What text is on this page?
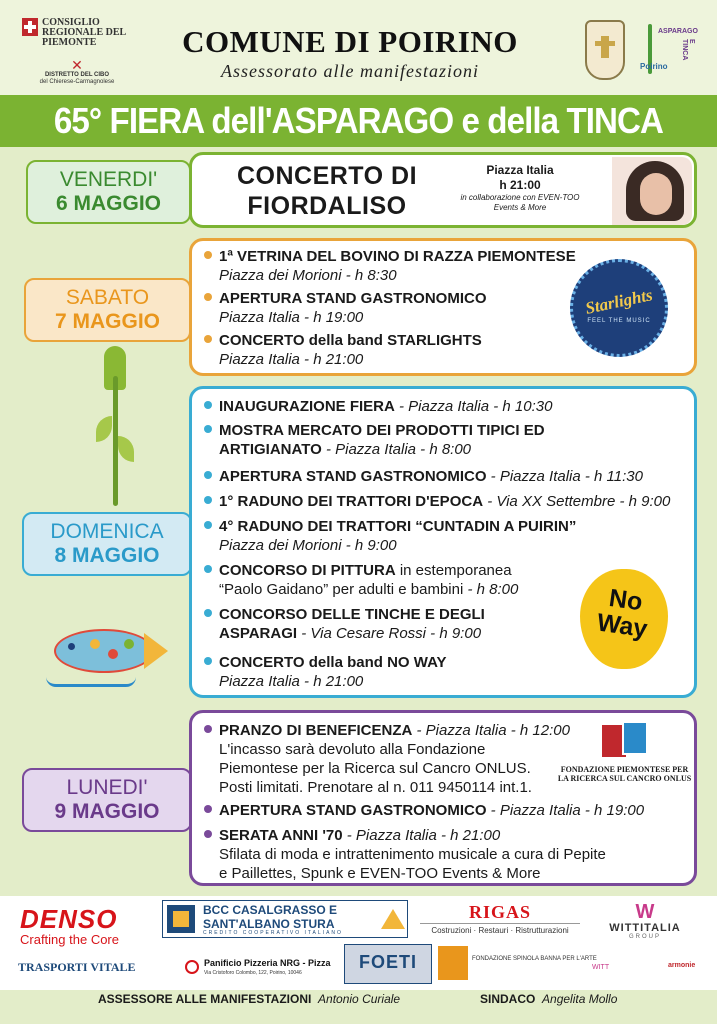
CONSIGLIO REGIONALE DEL PIEMONTE
✕
DISTRETTO DEL CIBO
del Chierese-Carmagnolese
COMUNE DI POIRINO
Assessorato alle manifestazioni
ASPARAGO
E TINCA
Poirino
65° FIERA dell'ASPARAGO e della TINCA
VENERDI'
6 MAGGIO
CONCERTO DI FIORDALISO
Piazza Italia
h 21:00
in collaborazione con EVEN-TOO Events & More
SABATO
7 MAGGIO
1ª VETRINA DEL BOVINO DI RAZZA PIEMONTESE
Piazza dei Morioni - h 8:30
APERTURA STAND GASTRONOMICO
Piazza Italia - h 19:00
CONCERTO della band STARLIGHTS
Piazza Italia - h 21:00
Starlights
FEEL THE MUSIC
DOMENICA
8 MAGGIO
INAUGURAZIONE FIERA - Piazza Italia - h 10:30
MOSTRA MERCATO DEI PRODOTTI TIPICI ED
ARTIGIANATO - Piazza Italia - h 8:00
APERTURA STAND GASTRONOMICO - Piazza Italia - h 11:30
1° RADUNO DEI TRATTORI D'EPOCA - Via XX Settembre - h 9:00
4° RADUNO DEI TRATTORI “CUNTADIN A PUIRIN”
Piazza dei Morioni - h 9:00
CONCORSO DI PITTURA in estemporanea
“Paolo Gaidano” per adulti e bambini - h 8:00
CONCORSO DELLE TINCHE E DEGLI
ASPARAGI - Via Cesare Rossi - h 9:00
CONCERTO della band NO WAY
Piazza Italia - h 21:00
No Way
LUNEDI'
9 MAGGIO
PRANZO DI BENEFICENZA - Piazza Italia - h 12:00
L'incasso sarà devoluto alla Fondazione
Piemontese per la Ricerca sul Cancro ONLUS.
Posti limitati. Prenotare al n. 011 9450114 int.1.
APERTURA STAND GASTRONOMICO - Piazza Italia - h 19:00
SERATA ANNI '70 - Piazza Italia - h 21:00
Sfilata di moda e intrattenimento musicale a cura di Pepite
e Paillettes, Spunk e EVEN-TOO Events & More
FONDAZIONE PIEMONTESE PER LA RICERCA SUL CANCRO ONLUS
DENSO
Crafting the Core
BCC CASALGRASSO E
SANT'ALBANO STURA
CREDITO COOPERATIVO ITALIANO
RIGAS
Costruzioni · Restauri · Ristrutturazioni
W
WITTITALIA
GROUP
TRASPORTI VITALE	Panificio Pizzeria NRG - Pizza
Via Cristoforo Colombo, 122, Poirino, 10046
FOETI	FONDAZIONE SPINOLA BANNA PER L'ARTE
WITT	armonie
ASSESSORE ALLE MANIFESTAZIONI Antonio Curiale	SINDACO Angelita Mollo
